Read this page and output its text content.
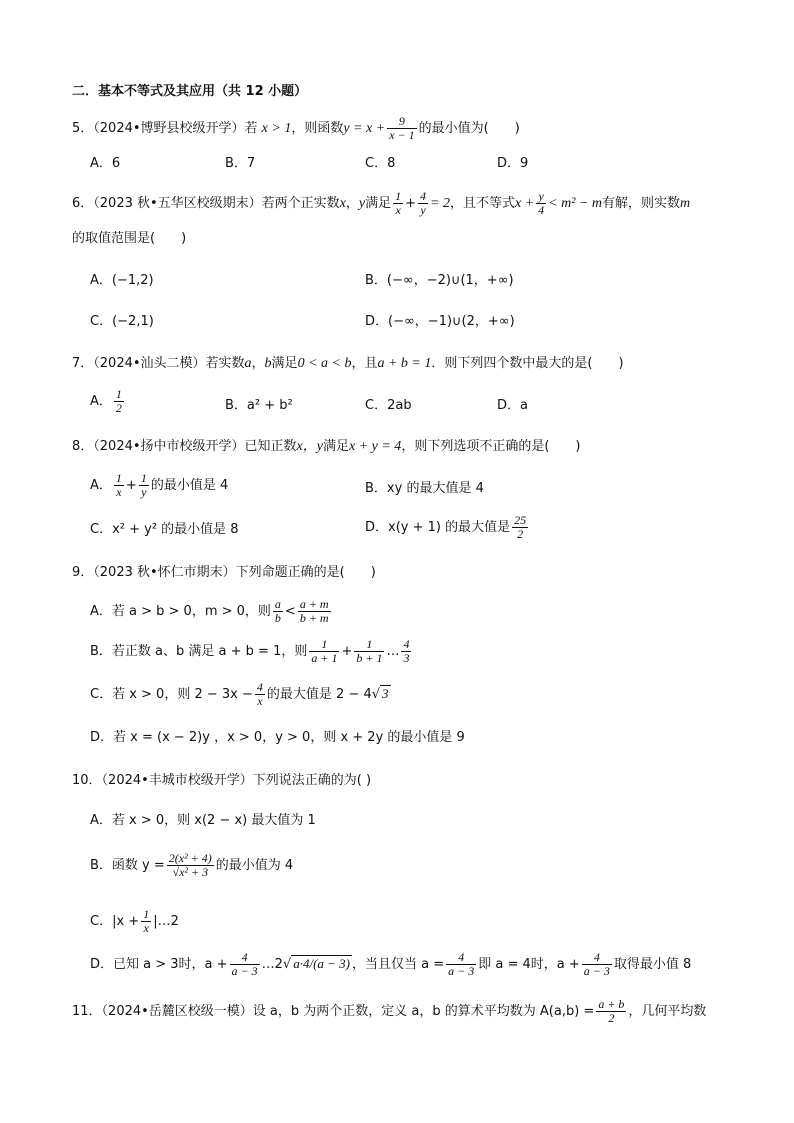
二．基本不等式及其应用（共 12 小题）
5．（2024•博野县校级开学）若 x > 1，则函数$y = x + \frac{9}{x - 1}$ 的最小值为(　　)
A．6	B．7	C．8	D．9
6．（2023 秋•五华区校级期末）若两个正实数x，y满足 $\frac{1}{x} + \frac{4}{y} = 2$，且不等式$x + \frac{y}{4} < m^2 - m$有解，则实数m
的取值范围是(　　)
A．(−1,2)	B．(−∞，−2)∪(1，+∞)
C．(−2,1)	D．(−∞，−1)∪(2，+∞)
7．（2024•汕头二模）若实数a，b满足0 < a < b，且a + b = 1．则下列四个数中最大的是(　　)
A． $\frac{1}{2}$	B．a² + b²	C．2ab	D．a
8．（2024•扬中市校级开学）已知正数x，y满足x + y = 4，则下列选项不正确的是(　　)
A． $\frac{1}{x} + \frac{1}{y}$ 的最小值是 4	B．xy 的最大值是 4
C．x² + y² 的最小值是 8	D．x(y + 1) 的最大值是 $\frac{25}{2}$
9．（2023 秋•怀仁市期末）下列命题正确的是(　　)
A．若 a > b > 0，m > 0，则 $\frac{a}{b} < \frac{a + m}{b + m}$
B．若正数 a、b 满足 a + b = 1，则 $\frac{1}{a + 1} + \frac{1}{b + 1}$ … $\frac{4}{3}$
C．若 x > 0，则 $2 - 3x - \frac{4}{x}$ 的最大值是 2 − 4√ 3
D．若 x = (x − 2)y ，x > 0，y > 0，则 x + 2y 的最小值是 9
10．（2024•丰城市校级开学）下列说法正确的为( )
A．若 x > 0，则 x(2 − x) 最大值为 1
B．函数 $y = \frac{\text{2(x² + 4)}}{\text{√x² + 3}}$ 的最小值为 4
C．$|x + \frac{1}{x}$ |…2
D．已知 a > 3时，$a + \frac{4}{a - 3}$ …2√ a·4/(a − 3) ，当且仅当 $a = \frac{4}{a - 3}$ 即 a = 4时，$a + \frac{4}{a - 3}$ 取得最小值 8
11．（2024•岳麓区校级一模）设 a，b 为两个正数，定义 a，b 的算术平均数为 $A(a,b) = \frac{a + b}{2}$ ，几何平均数
